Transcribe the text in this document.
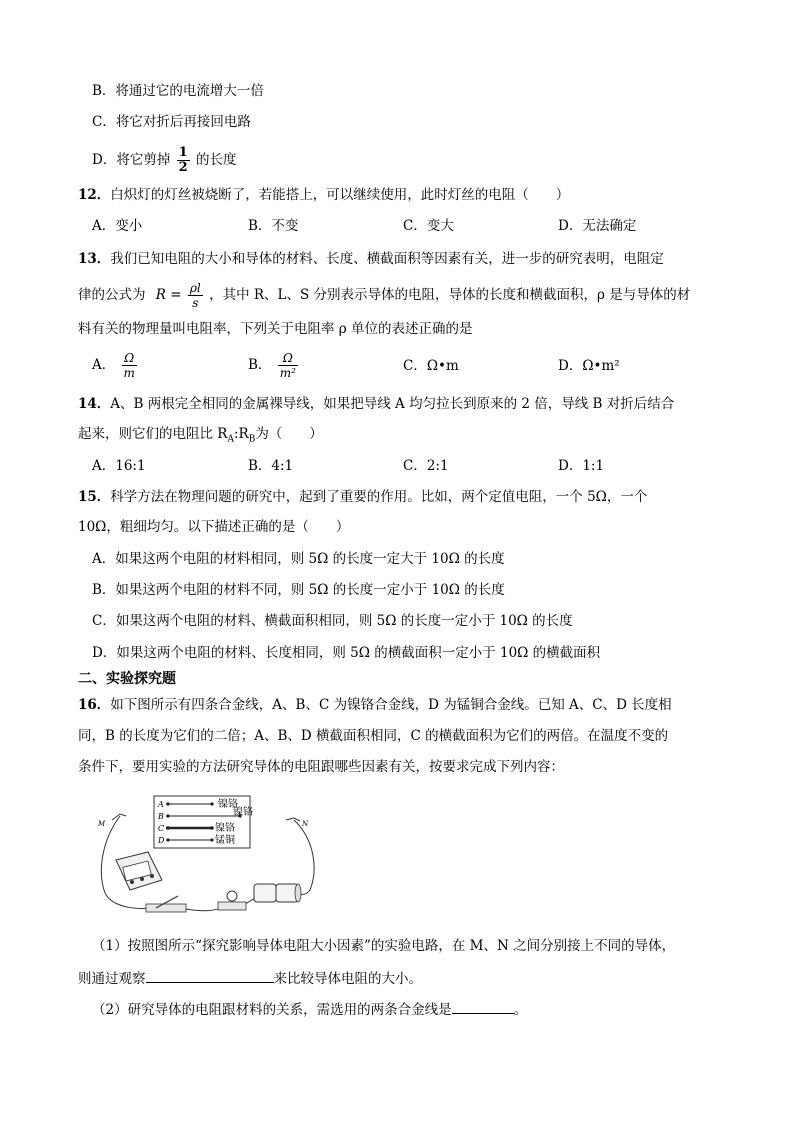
B．将通过它的电流增大一倍
C．将它对折后再接回电路
D．将它剪掉 $\frac{1}{2}$ 的长度
12．白炽灯的灯丝被烧断了，若能搭上，可以继续使用，此时灯丝的电阻（　　）
A．变小	B．不变	C．变大	D．无法确定
13．我们已知电阻的大小和导体的材料、长度、横截面积等因素有关，进一步的研究表明，电阻定
律的公式为 $R = \frac{\rho l}{s}$ ，其中 R、L、S 分别表示导体的电阻，导体的长度和横截面积，ρ 是与导体的材
料有关的物理量叫电阻率，下列关于电阻率 ρ 单位的表述正确的是
A． $\frac{\Omega}{m}$	B． $\frac{\Omega}{\text{m²}}$	C．Ω•m	D．Ω•m²
14．A、B 两根完全相同的金属裸导线，如果把导线 A 均匀拉长到原来的 2 倍，导线 B 对折后结合
起来，则它们的电阻比 $R_A:R_B$为（　　）
A．16:1	B．4:1	C．2:1	D．1:1
15．科学方法在物理问题的研究中，起到了重要的作用。比如，两个定值电阻，一个 5Ω，一个
10Ω，粗细均匀。以下描述正确的是（　　）
A．如果这两个电阻的材料相同，则 5Ω 的长度一定大于 10Ω 的长度
B．如果这两个电阻的材料不同，则 5Ω 的长度一定小于 10Ω 的长度
C．如果这两个电阻的材料、横截面积相同，则 5Ω 的长度一定小于 10Ω 的长度
D．如果这两个电阻的材料、长度相同，则 5Ω 的横截面积一定小于 10Ω 的横截面积
二、实验探究题
16．如下图所示有四条合金线，A、B、C 为镍铬合金线，D 为锰铜合金线。已知 A、C、D 长度相
同，B 的长度为它们的二倍；A、B、D 横截面积相同，C 的横截面积为它们的两倍。在温度不变的
条件下，要用实验的方法研究导体的电阻跟哪些因素有关，按要求完成下列内容：
A
B
C
D
镍铬
镍铬
镍铬
锰铜
M	N
（1）按照图所示“探究影响导体电阻大小因素”的实验电路，在 M、N 之间分别接上不同的导体，
则通过观察	来比较导体电阻的大小。
（2）研究导体的电阻跟材料的关系，需选用的两条合金线是	。
